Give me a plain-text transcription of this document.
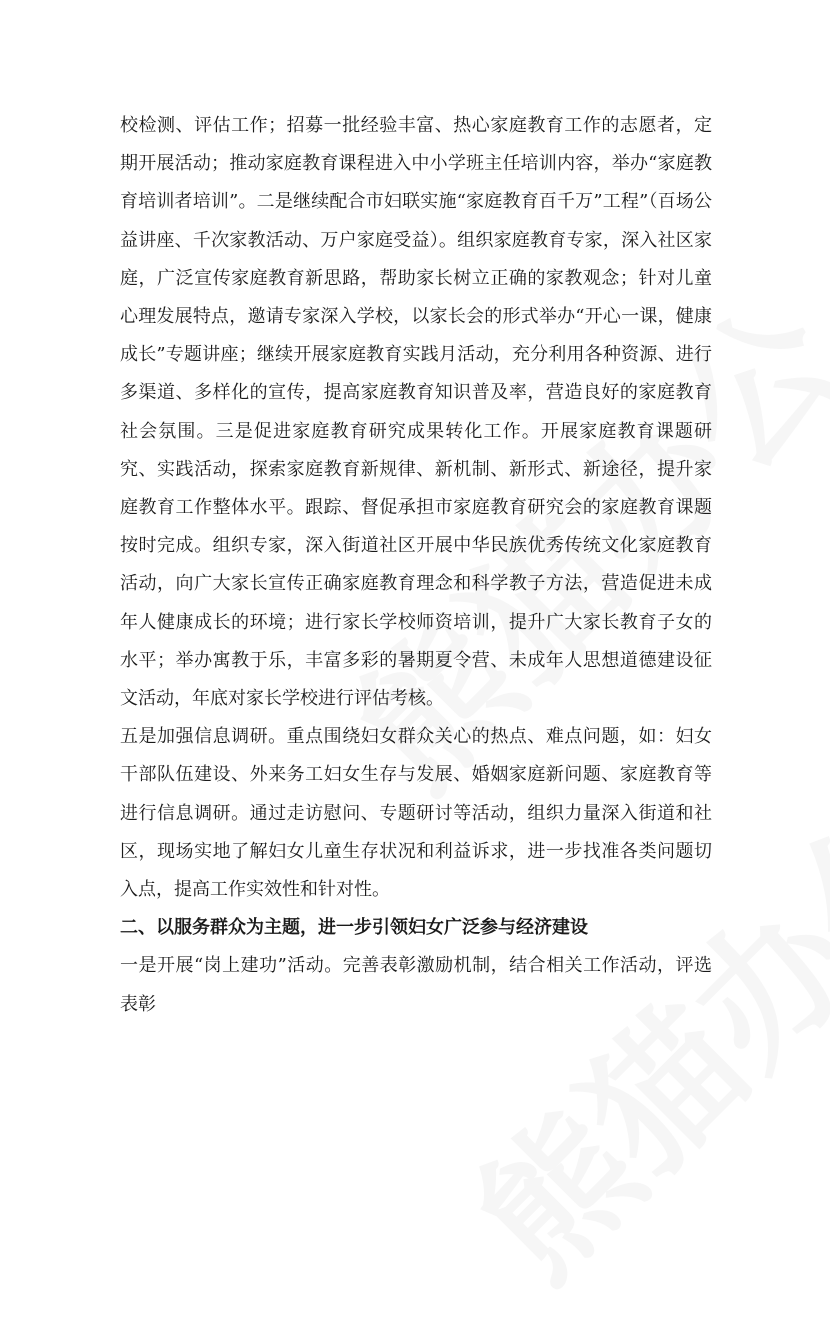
校检测、评估工作；招募一批经验丰富、热心家庭教育工作的志愿者，定期开展活动；推动家庭教育课程进入中小学班主任培训内容，举办“家庭教育培训者培训”。二是继续配合市妇联实施“家庭教育百千万”工程”（百场公益讲座、千次家教活动、万户家庭受益）。组织家庭教育专家，深入社区家庭，广泛宣传家庭教育新思路，帮助家长树立正确的家教观念；针对儿童心理发展特点，邀请专家深入学校，以家长会的形式举办“开心一课，健康成长”专题讲座；继续开展家庭教育实践月活动，充分利用各种资源、进行多渠道、多样化的宣传，提高家庭教育知识普及率，营造良好的家庭教育社会氛围。三是促进家庭教育研究成果转化工作。开展家庭教育课题研究、实践活动，探索家庭教育新规律、新机制、新形式、新途径，提升家庭教育工作整体水平。跟踪、督促承担市家庭教育研究会的家庭教育课题按时完成。组织专家，深入街道社区开展中华民族优秀传统文化家庭教育活动，向广大家长宣传正确家庭教育理念和科学教子方法，营造促进未成年人健康成长的环境；进行家长学校师资培训，提升广大家长教育子女的水平；举办寓教于乐，丰富多彩的暑期夏令营、未成年人思想道德建设征文活动，年底对家长学校进行评估考核。

五是加强信息调研。重点围绕妇女群众关心的热点、难点问题，如：妇女干部队伍建设、外来务工妇女生存与发展、婚姻家庭新问题、家庭教育等进行信息调研。通过走访慰问、专题研讨等活动，组织力量深入街道和社区，现场实地了解妇女儿童生存状况和利益诉求，进一步找准各类问题切入点，提高工作实效性和针对性。

二、以服务群众为主题，进一步引领妇女广泛参与经济建设

一是开展“岗上建功”活动。完善表彰激励机制，结合相关工作活动，评选表彰
